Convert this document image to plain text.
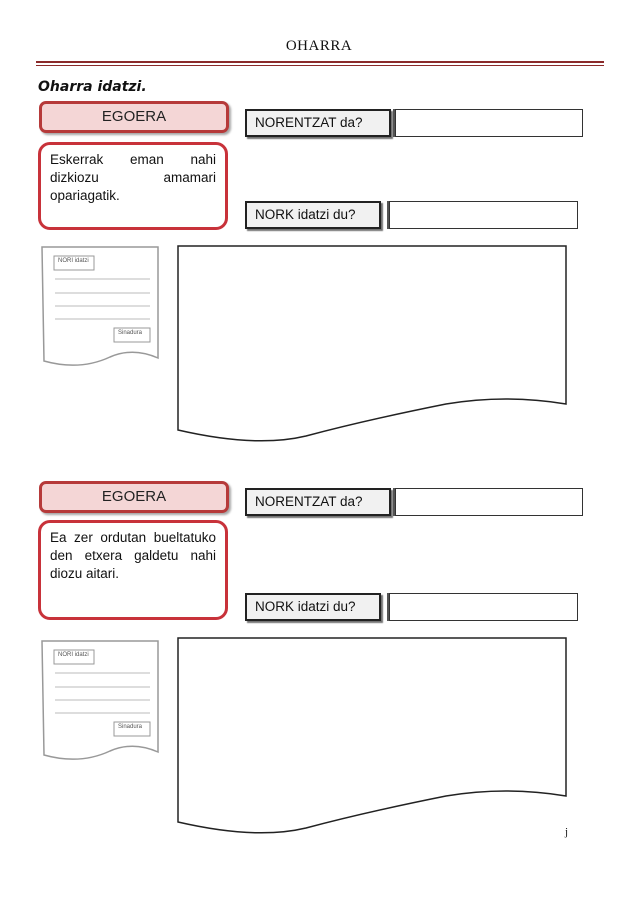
OHARRA
Oharra idatzi.
EGOERA
Eskerrak eman nahi dizkiozu amamari opariagatik.
NORENTZAT da?
NORK idatzi du?
NORI idatzi
Sinadura
EGOERA
Ea zer ordutan bueltatuko den etxera galdetu nahi diozu aitari.
NORENTZAT da?
NORK idatzi du?
NORI idatzi
Sinadura
j
